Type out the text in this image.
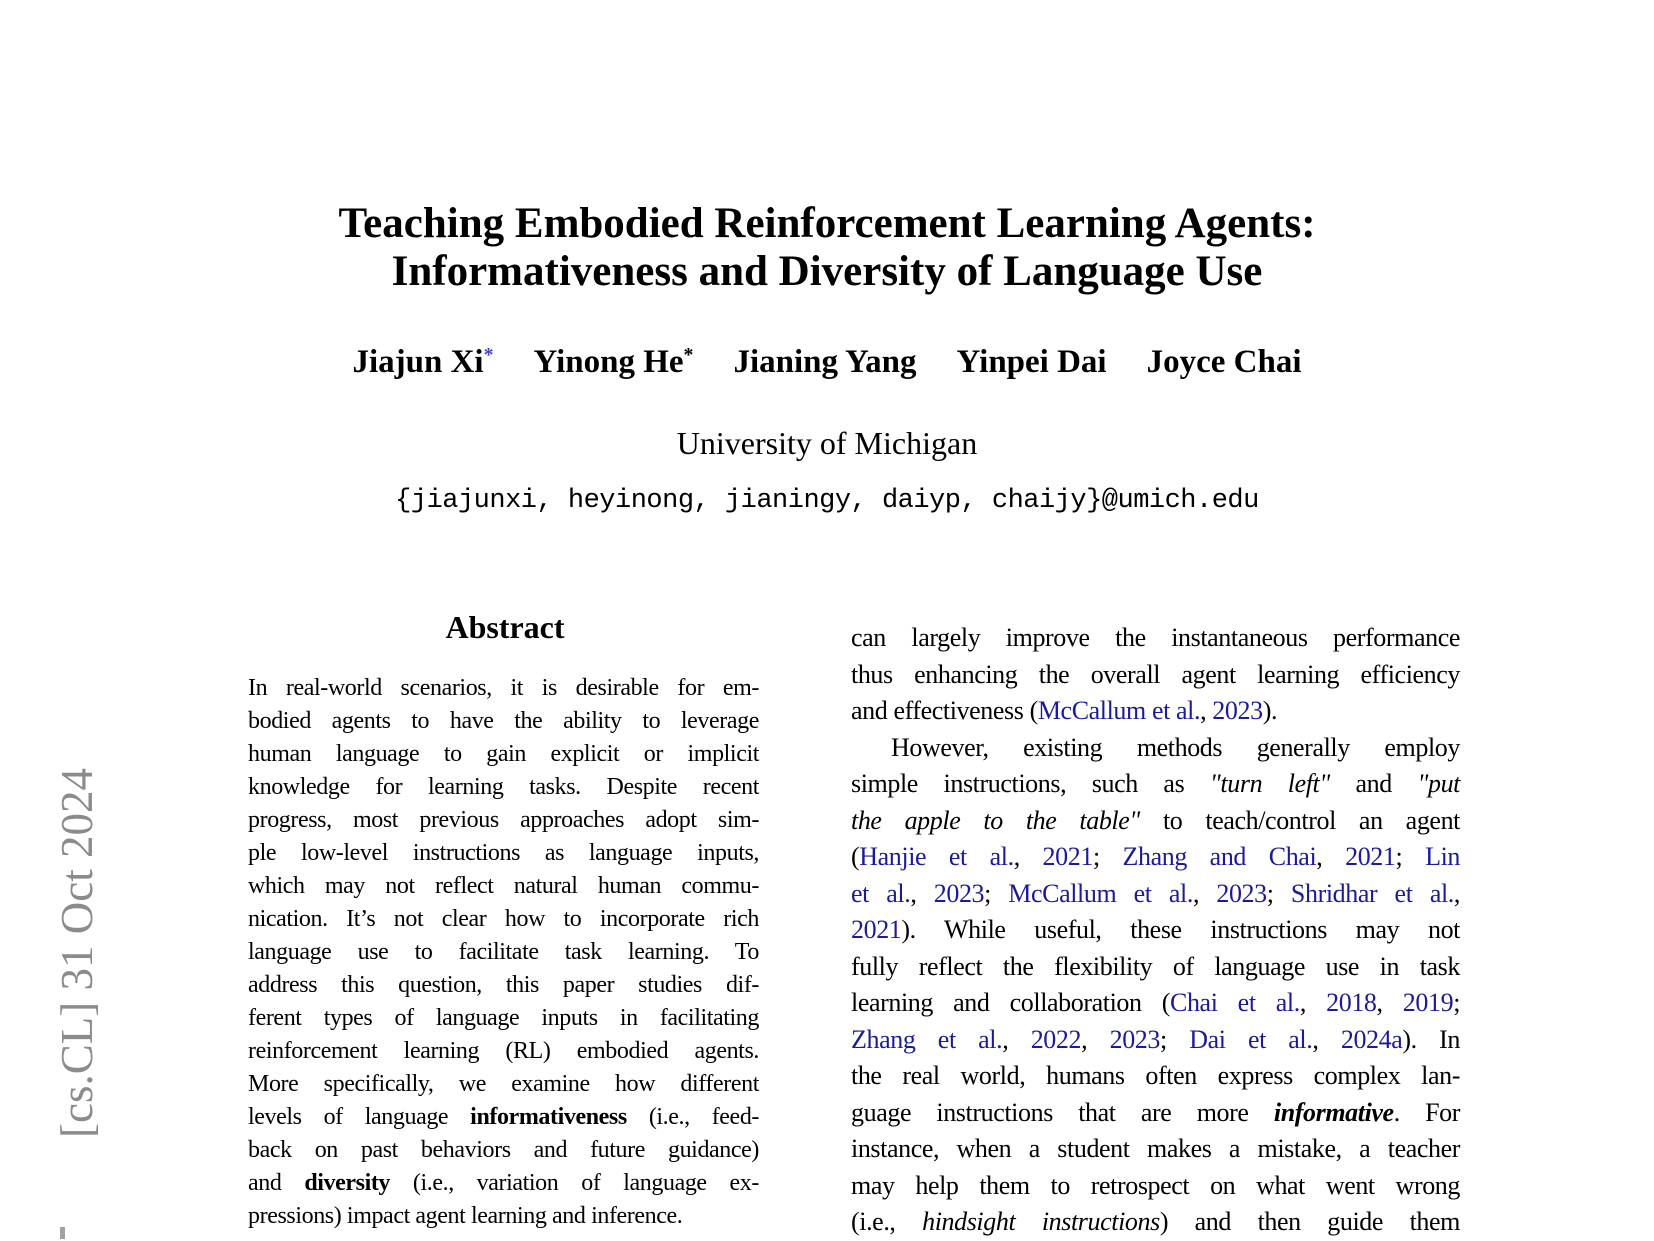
[cs.CL] 31 Oct 2024
Teaching Embodied Reinforcement Learning Agents:
Informativeness and Diversity of Language Use
Jiajun Xi* Yinong He* Jianing Yang Yinpei Dai Joyce Chai
University of Michigan
{jiajunxi, heyinong, jianingy, daiyp, chaijy}@umich.edu
Abstract
In real-world scenarios, it is desirable for em-
bodied agents to have the ability to leverage
human language to gain explicit or implicit
knowledge for learning tasks. Despite recent
progress, most previous approaches adopt sim-
ple low-level instructions as language inputs,
which may not reflect natural human commu-
nication. It’s not clear how to incorporate rich
language use to facilitate task learning. To
address this question, this paper studies dif-
ferent types of language inputs in facilitating
reinforcement learning (RL) embodied agents.
More specifically, we examine how different
levels of language informativeness (i.e., feed-
back on past behaviors and future guidance)
and diversity (i.e., variation of language ex-
pressions) impact agent learning and inference.
can largely improve the instantaneous performance
thus enhancing the overall agent learning efficiency
and effectiveness (McCallum et al., 2023).
However, existing methods generally employ
simple instructions, such as "turn left" and "put
the apple to the table" to teach/control an agent
(Hanjie et al., 2021; Zhang and Chai, 2021; Lin
et al., 2023; McCallum et al., 2023; Shridhar et al.,
2021). While useful, these instructions may not
fully reflect the flexibility of language use in task
learning and collaboration (Chai et al., 2018, 2019;
Zhang et al., 2022, 2023; Dai et al., 2024a). In
the real world, humans often express complex lan-
guage instructions that are more informative. For
instance, when a student makes a mistake, a teacher
may help them to retrospect on what went wrong
(i.e., hindsight instructions) and then guide them
